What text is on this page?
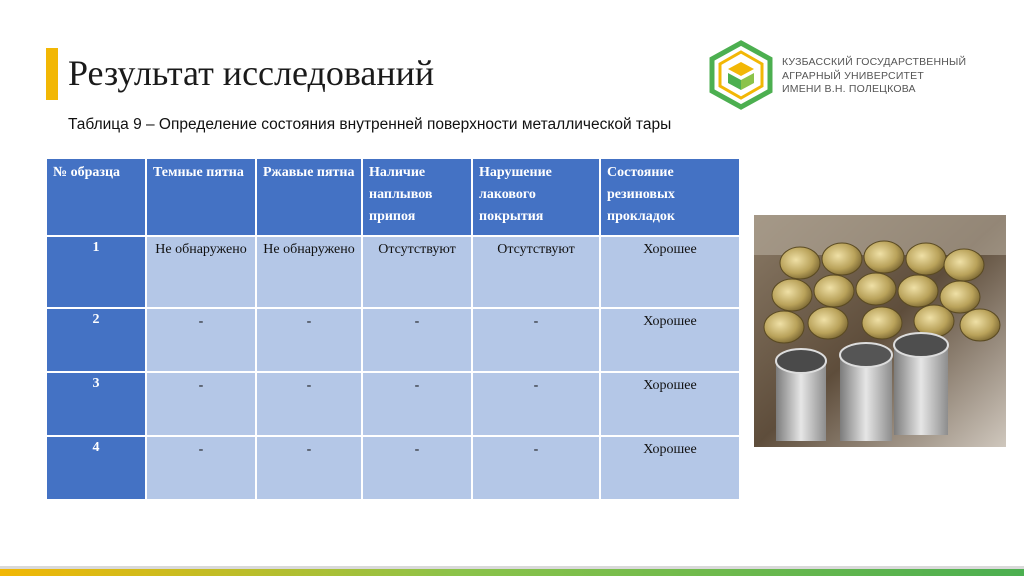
Результат исследований
Таблица 9 – Определение состояния внутренней поверхности металлической тары
КУЗБАССКИЙ ГОСУДАРСТВЕННЫЙ
АГРАРНЫЙ УНИВЕРСИТЕТ
ИМЕНИ В.Н. ПОЛЕЦКОВА
№ образца	Темные пятна	Ржавые пятна	Наличие наплывов припоя	Нарушение лакового покрытия	Состояние резиновых прокладок
1	Не обнаружено	Не обнаружено	Отсутствуют	Отсутствуют	Хорошее
2	-	-	-	-	Хорошее
3	-	-	-	-	Хорошее
4	-	-	-	-	Хорошее
